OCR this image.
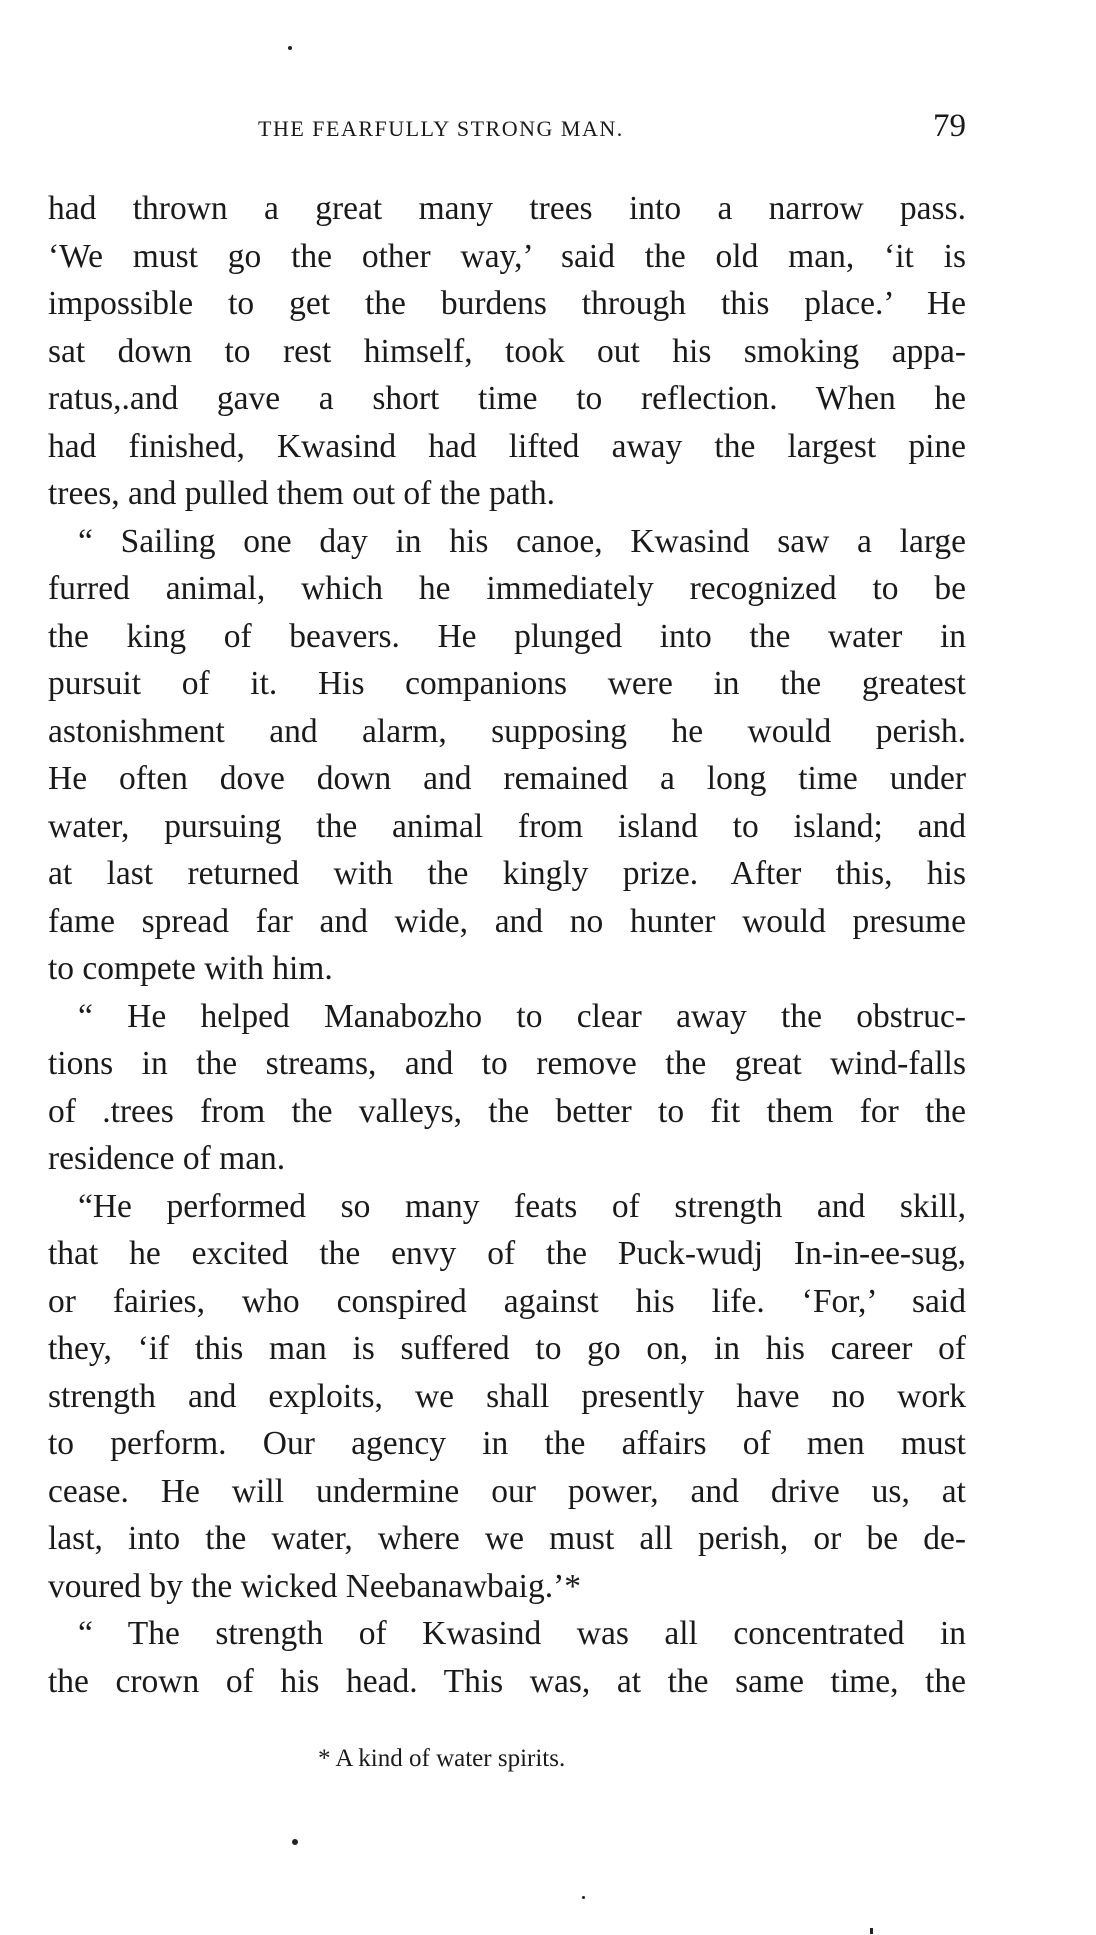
THE FEARFULLY STRONG MAN.	79
had thrown a great many trees into a narrow pass.
‘We must go the other way,’ said the old man, ‘it is
impossible to get the burdens through this place.’ He
sat down to rest himself, took out his smoking appa-
ratus,.and gave a short time to reflection. When he
had finished, Kwasind had lifted away the largest pine
trees, and pulled them out of the path.
“ Sailing one day in his canoe, Kwasind saw a large
furred animal, which he immediately recognized to be
the king of beavers. He plunged into the water in
pursuit of it. His companions were in the greatest
astonishment and alarm, supposing he would perish.
He often dove down and remained a long time under
water, pursuing the animal from island to island; and
at last returned with the kingly prize. After this, his
fame spread far and wide, and no hunter would presume
to compete with him.
“ He helped Manabozho to clear away the obstruc-
tions in the streams, and to remove the great wind-falls
of .trees from the valleys, the better to fit them for the
residence of man.
“He performed so many feats of strength and skill,
that he excited the envy of the Puck-wudj In-in-ee-sug,
or fairies, who conspired against his life. ‘For,’ said
they, ‘if this man is suffered to go on, in his career of
strength and exploits, we shall presently have no work
to perform. Our agency in the affairs of men must
cease. He will undermine our power, and drive us, at
last, into the water, where we must all perish, or be de-
voured by the wicked Neebanawbaig.’*
“ The strength of Kwasind was all concentrated in
the crown of his head. This was, at the same time, the
* A kind of water spirits.
